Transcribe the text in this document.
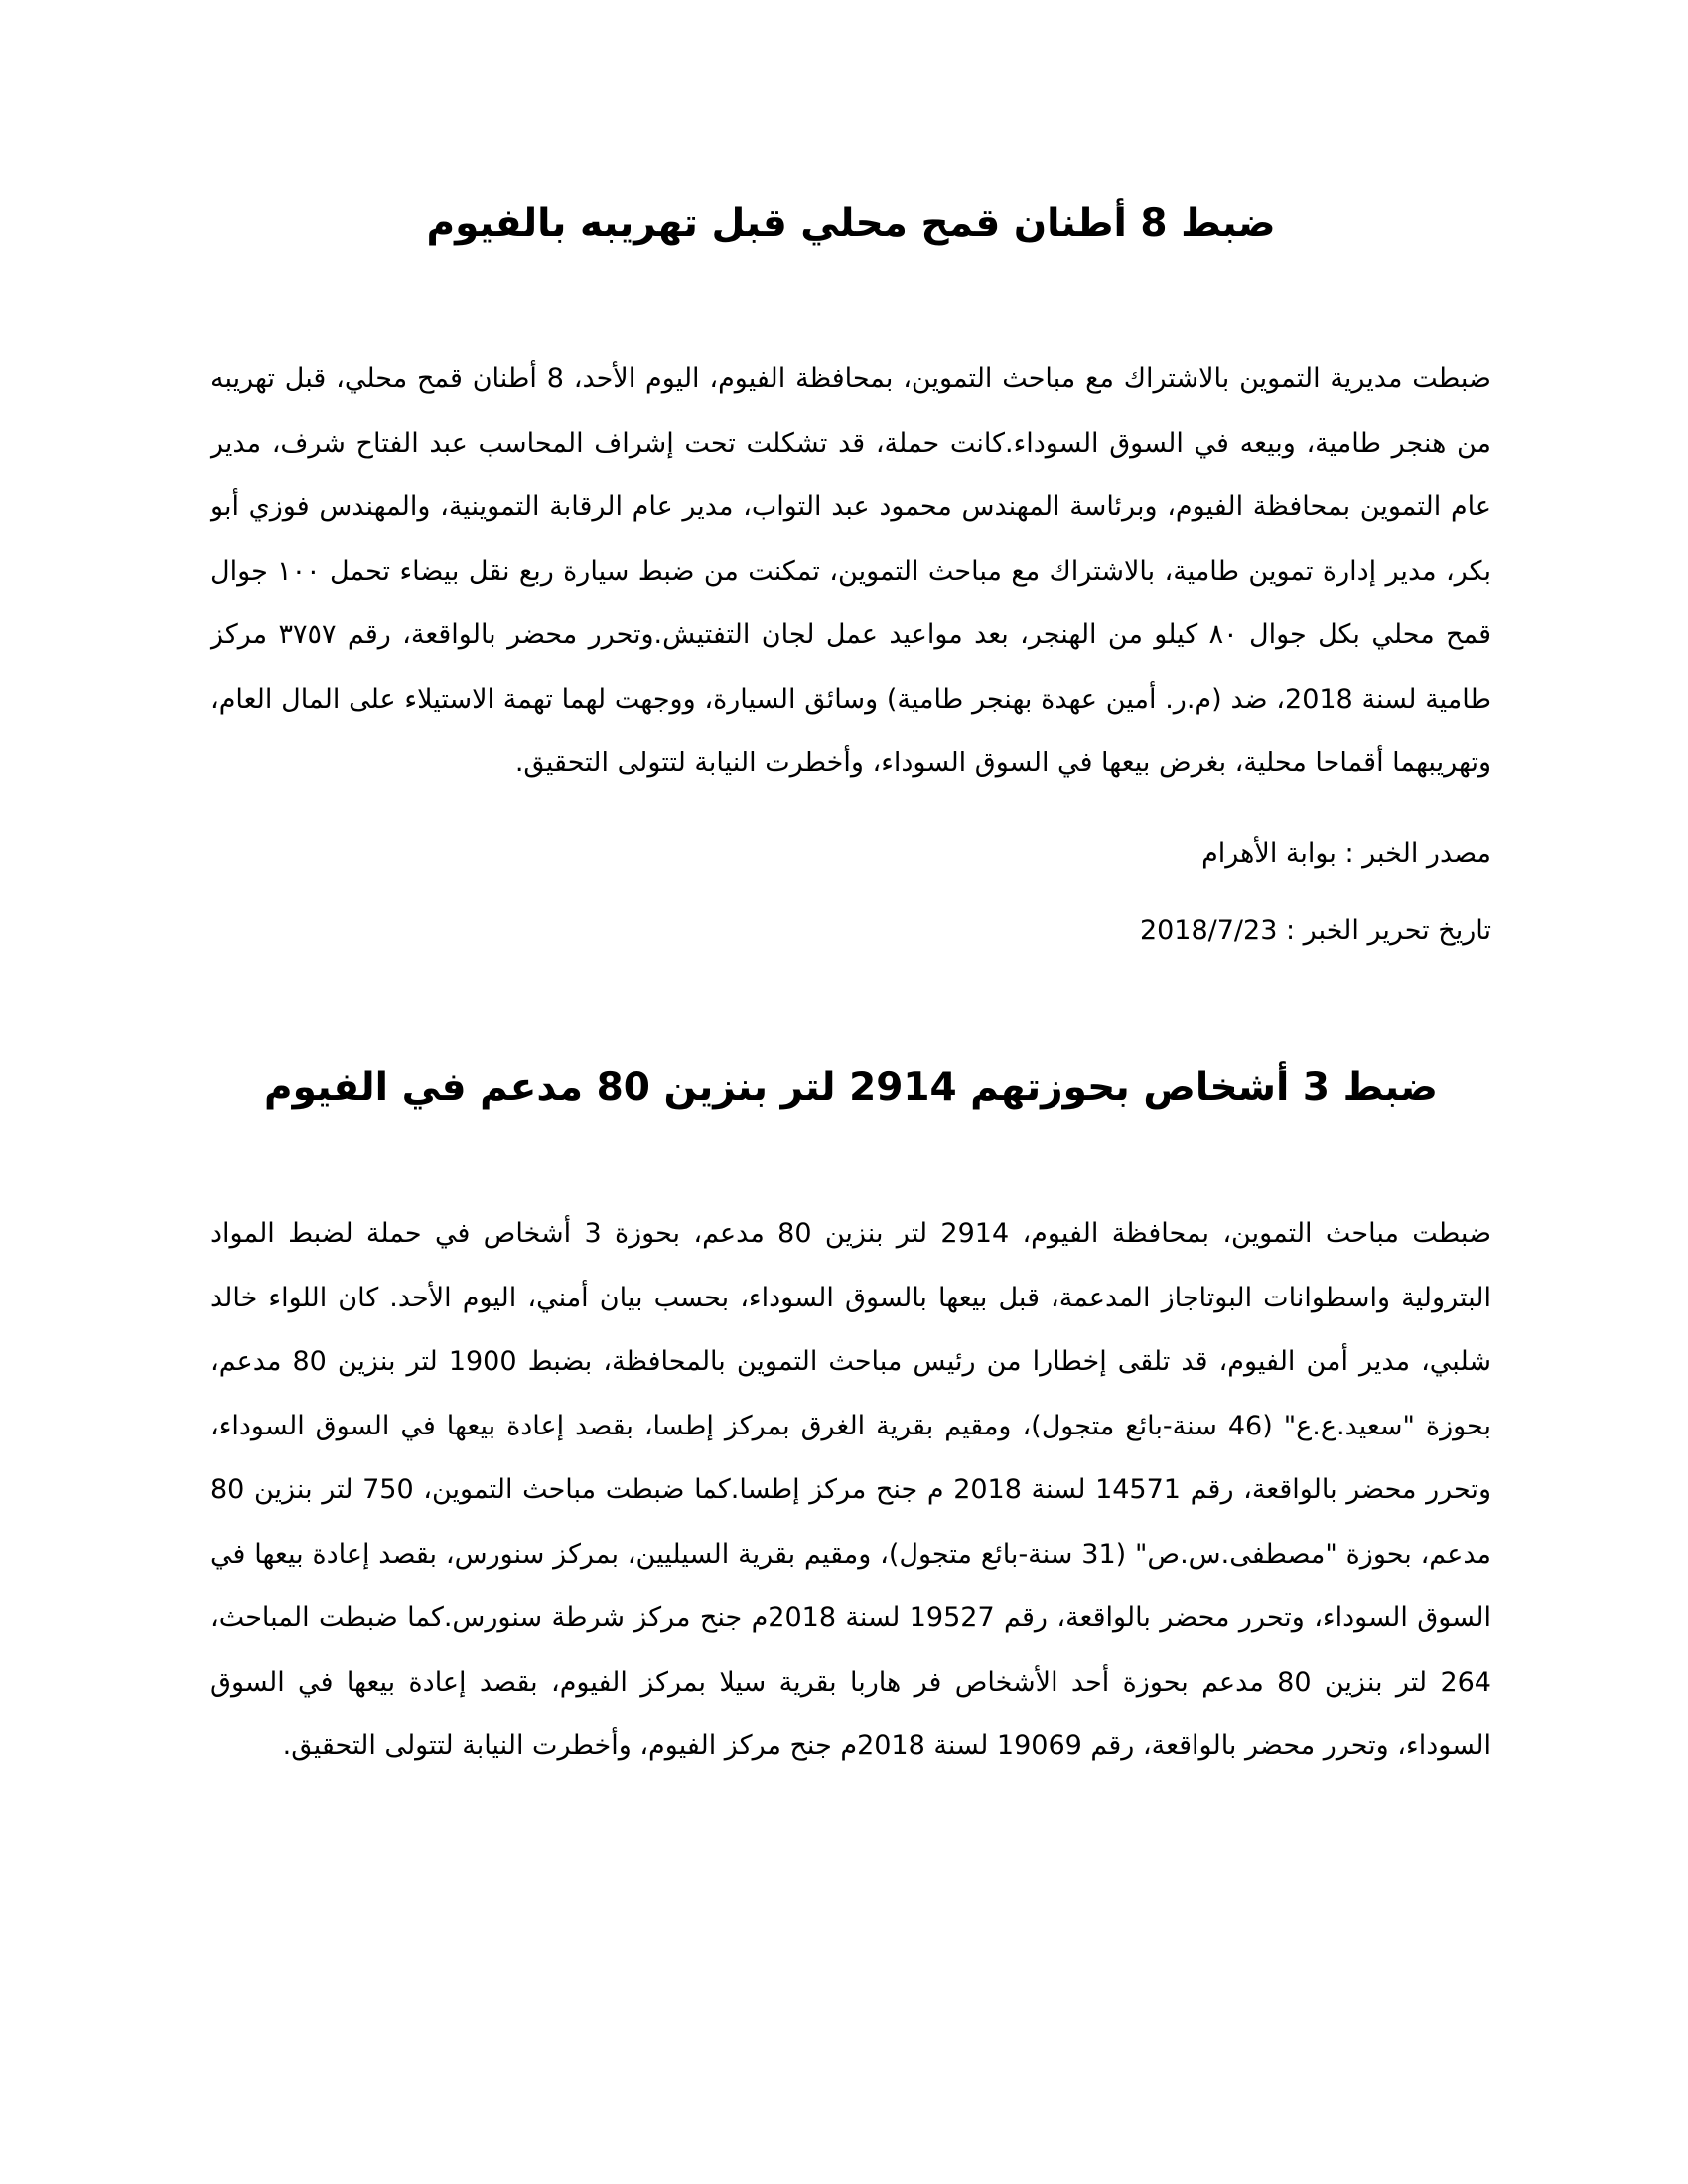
ضبط 8 أطنان قمح محلي قبل تهريبه بالفيوم

ضبطت مديرية التموين بالاشتراك مع مباحث التموين، بمحافظة الفيوم، اليوم الأحد، 8 أطنان قمح محلي، قبل تهريبه من هنجر طامية، وبيعه في السوق السوداء.كانت حملة، قد تشكلت تحت إشراف المحاسب عبد الفتاح شرف، مدير عام التموين بمحافظة الفيوم، وبرئاسة المهندس محمود عبد التواب، مدير عام الرقابة التموينية، والمهندس فوزي أبو بكر، مدير إدارة تموين طامية، بالاشتراك مع مباحث التموين، تمكنت من ضبط سيارة ربع نقل بيضاء تحمل ١٠٠ جوال قمح محلي بكل جوال ٨٠ كيلو من الهنجر، بعد مواعيد عمل لجان التفتيش.وتحرر محضر بالواقعة، رقم ٣٧٥٧ مركز طامية لسنة 2018، ضد (م.ر. أمين عهدة بهنجر طامية) وسائق السيارة، ووجهت لهما تهمة الاستيلاء على المال العام، وتهريبهما أقماحا محلية، بغرض بيعها في السوق السوداء، وأخطرت النيابة لتتولى التحقيق.

مصدر الخبر : بوابة الأهرام

تاريخ تحرير الخبر : 2018/7/23

ضبط 3 أشخاص بحوزتهم 2914 لتر بنزين 80 مدعم في الفيوم

ضبطت مباحث التموين، بمحافظة الفيوم، 2914 لتر بنزين 80 مدعم، بحوزة 3 أشخاص في حملة لضبط المواد البترولية واسطوانات البوتاجاز المدعمة، قبل بيعها بالسوق السوداء، بحسب بيان أمني، اليوم الأحد. كان اللواء خالد شلبي، مدير أمن الفيوم، قد تلقى إخطارا من رئيس مباحث التموين بالمحافظة، بضبط 1900 لتر بنزين 80 مدعم، بحوزة "سعيد.ع.ع" (46 سنة-بائع متجول)، ومقيم بقرية الغرق بمركز إطسا، بقصد إعادة بيعها في السوق السوداء، وتحرر محضر بالواقعة، رقم 14571 لسنة 2018 م جنح مركز إطسا.كما ضبطت مباحث التموين، 750 لتر بنزين 80 مدعم، بحوزة "مصطفى.س.ص" (31 سنة-بائع متجول)، ومقيم بقرية السيليين، بمركز سنورس، بقصد إعادة بيعها في السوق السوداء، وتحرر محضر بالواقعة، رقم 19527 لسنة 2018م جنح مركز شرطة سنورس.كما ضبطت المباحث، 264 لتر بنزين 80 مدعم بحوزة أحد الأشخاص فر هاربا بقرية سيلا بمركز الفيوم، بقصد إعادة بيعها في السوق السوداء، وتحرر محضر بالواقعة، رقم 19069 لسنة 2018م جنح مركز الفيوم، وأخطرت النيابة لتتولى التحقيق.
